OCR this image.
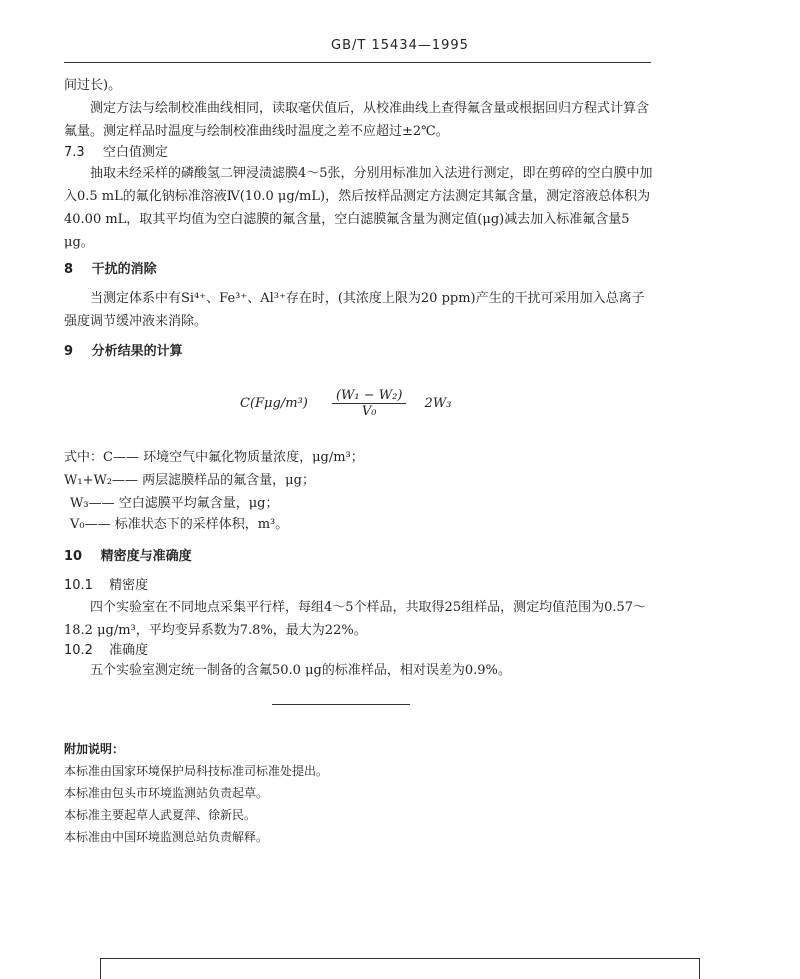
GB/T 15434—1995
间过长)。
测定方法与绘制校准曲线相同，读取毫伏值后，从校准曲线上查得氟含量或根据回归方程式计算含氟量。测定样品时温度与绘制校准曲线时温度之差不应超过±2℃。
7.3 空白值测定
抽取未经采样的磷酸氢二钾浸渍滤膜4～5张，分别用标准加入法进行测定，即在剪碎的空白膜中加入0.5 mL的氟化钠标准溶液Ⅳ(10.0 μg/mL)，然后按样品测定方法测定其氟含量，测定溶液总体积为40.00 mL，取其平均值为空白滤膜的氟含量，空白滤膜氟含量为测定值(μg)减去加入标准氟含量5 μg。
8 干扰的消除
当测定体系中有Si⁴⁺、Fe³⁺、Al³⁺存在时，(其浓度上限为20 ppm)产生的干扰可采用加入总离子强度调节缓冲液来消除。
9 分析结果的计算
$C(F\mu g/m^3) \frac{\text{(W₁ − W₂)}}{\text{V₀}} 2W_3$
式中：C—— 环境空气中氟化物质量浓度，μg/m³；
W₁+W₂—— 两层滤膜样品的氟含量，μg；
W₃—— 空白滤膜平均氟含量，μg；
V₀—— 标准状态下的采样体积，m³。
10 精密度与准确度
10.1 精密度
四个实验室在不同地点采集平行样，每组4～5个样品，共取得25组样品，测定均值范围为0.57～18.2 μg/m³，平均变异系数为7.8%，最大为22%。
10.2 准确度
五个实验室测定统一制备的含氟50.0 μg的标准样品，相对误差为0.9%。
附加说明：
本标准由国家环境保护局科技标准司标准处提出。
本标准由包头市环境监测站负责起草。
本标准主要起草人武夏萍、徐新民。
本标准由中国环境监测总站负责解释。
